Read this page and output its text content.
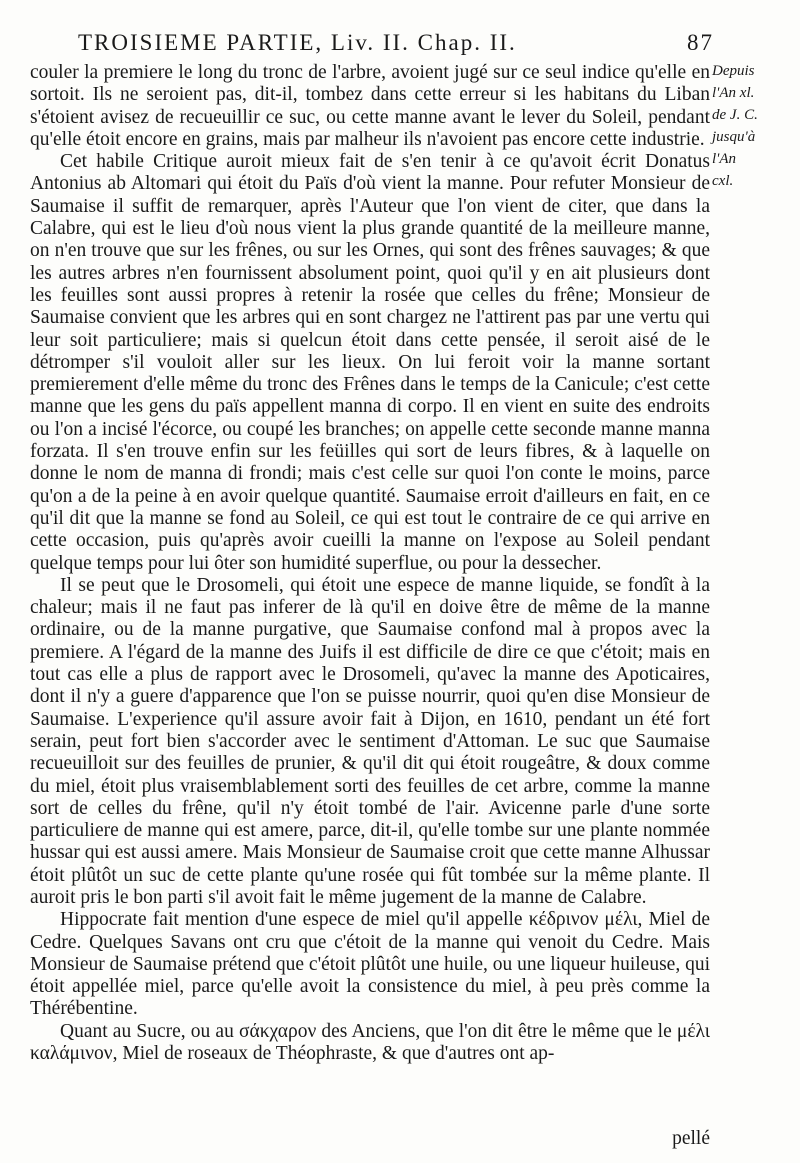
TROISIEME PARTIE, Liv. II. Chap. II.	87
Depuis
l'An xl.
de J. C.
jusqu'à
l'An
cxl.

couler la premiere le long du tronc de l'arbre, avoient jugé sur ce seul indice qu'elle en sortoit. Ils ne seroient pas, dit-il, tombez dans cette erreur si les habitans du Liban s'étoient avisez de recueuillir ce suc, ou cette manne avant le lever du Soleil, pendant qu'elle étoit encore en grains, mais par malheur ils n'avoient pas encore cette industrie.

Cet habile Critique auroit mieux fait de s'en tenir à ce qu'avoit écrit Donatus Antonius ab Altomari qui étoit du Païs d'où vient la manne. Pour refuter Monsieur de Saumaise il suffit de remarquer, après l'Auteur que l'on vient de citer, que dans la Calabre, qui est le lieu d'où nous vient la plus grande quantité de la meilleure manne, on n'en trouve que sur les frênes, ou sur les Ornes, qui sont des frênes sauvages; & que les autres arbres n'en fournissent absolument point, quoi qu'il y en ait plusieurs dont les feuilles sont aussi propres à retenir la rosée que celles du frêne; Monsieur de Saumaise convient que les arbres qui en sont chargez ne l'attirent pas par une vertu qui leur soit particuliere; mais si quelcun étoit dans cette pensée, il seroit aisé de le détromper s'il vouloit aller sur les lieux. On lui feroit voir la manne sortant premierement d'elle même du tronc des Frênes dans le temps de la Canicule; c'est cette manne que les gens du païs appellent manna di corpo. Il en vient en suite des endroits ou l'on a incisé l'écorce, ou coupé les branches; on appelle cette seconde manne manna forzata. Il s'en trouve enfin sur les feüilles qui sort de leurs fibres, & à laquelle on donne le nom de manna di frondi; mais c'est celle sur quoi l'on conte le moins, parce qu'on a de la peine à en avoir quelque quantité. Saumaise erroit d'ailleurs en fait, en ce qu'il dit que la manne se fond au Soleil, ce qui est tout le contraire de ce qui arrive en cette occasion, puis qu'après avoir cueilli la manne on l'expose au Soleil pendant quelque temps pour lui ôter son humidité superflue, ou pour la dessecher.

Il se peut que le Drosomeli, qui étoit une espece de manne liquide, se fondît à la chaleur; mais il ne faut pas inferer de là qu'il en doive être de même de la manne ordinaire, ou de la manne purgative, que Saumaise confond mal à propos avec la premiere. A l'égard de la manne des Juifs il est difficile de dire ce que c'étoit; mais en tout cas elle a plus de rapport avec le Drosomeli, qu'avec la manne des Apoticaires, dont il n'y a guere d'apparence que l'on se puisse nourrir, quoi qu'en dise Monsieur de Saumaise. L'experience qu'il assure avoir fait à Dijon, en 1610, pendant un été fort serain, peut fort bien s'accorder avec le sentiment d'Attoman. Le suc que Saumaise recueuilloit sur des feuilles de prunier, & qu'il dit qui étoit rougeâtre, & doux comme du miel, étoit plus vraisemblablement sorti des feuilles de cet arbre, comme la manne sort de celles du frêne, qu'il n'y étoit tombé de l'air. Avicenne parle d'une sorte particuliere de manne qui est amere, parce, dit-il, qu'elle tombe sur une plante nommée hussar qui est aussi amere. Mais Monsieur de Saumaise croit que cette manne Alhussar étoit plûtôt un suc de cette plante qu'une rosée qui fût tombée sur la même plante. Il auroit pris le bon parti s'il avoit fait le même jugement de la manne de Calabre.

Hippocrate fait mention d'une espece de miel qu'il appelle κέδρινον μέλι, Miel de Cedre. Quelques Savans ont cru que c'étoit de la manne qui venoit du Cedre. Mais Monsieur de Saumaise prétend que c'étoit plûtôt une huile, ou une liqueur huileuse, qui étoit appellée miel, parce qu'elle avoit la consistence du miel, à peu près comme la Thérébentine.

Quant au Sucre, ou au σάκχαρον des Anciens, que l'on dit être le même que le μέλι καλάμινον, Miel de roseaux de Théophraste, & que d'autres ont ap-

pellé
